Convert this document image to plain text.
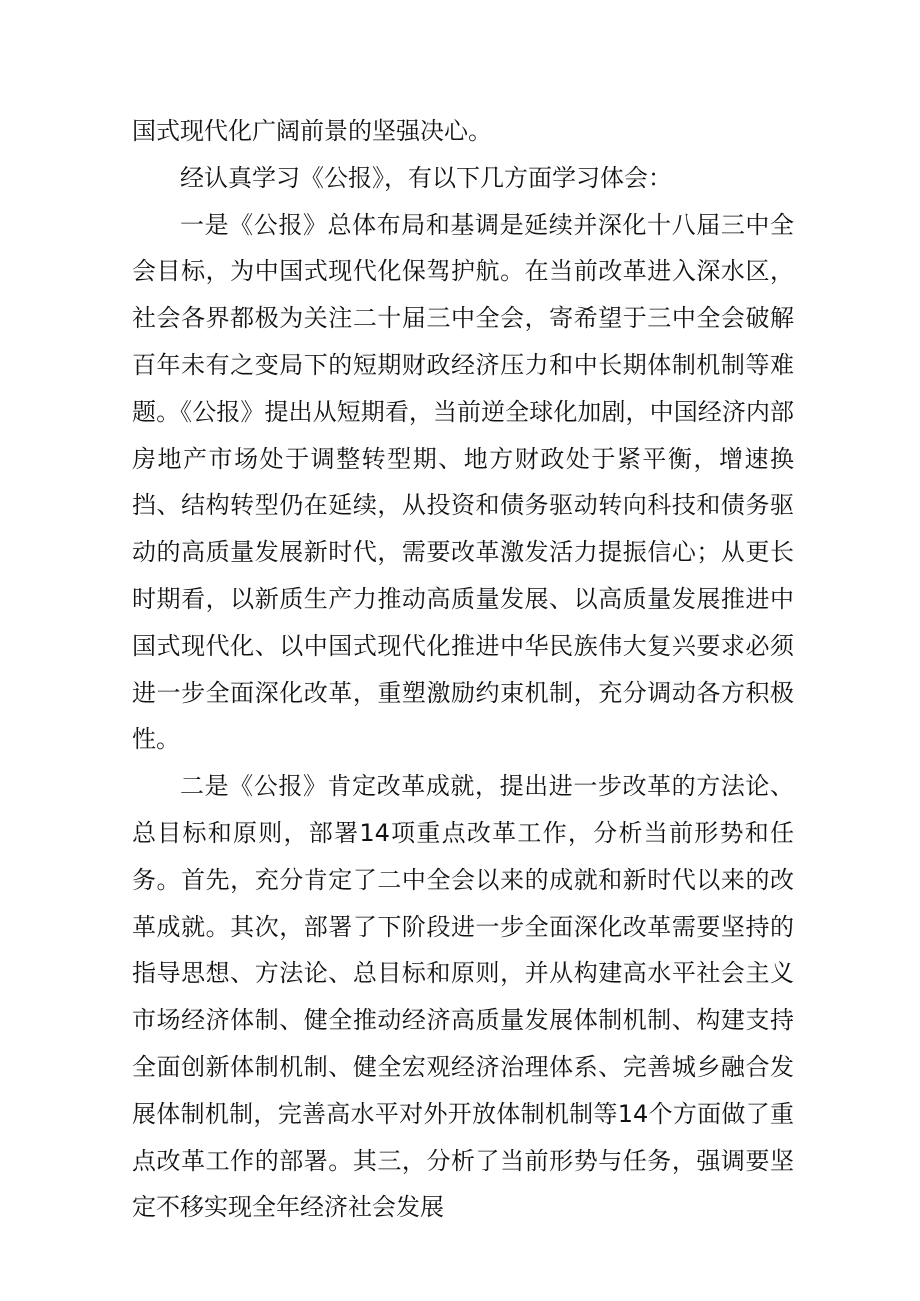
国式现代化广阔前景的坚强决心。

经认真学习《公报》，有以下几方面学习体会：

一是《公报》总体布局和基调是延续并深化十八届三中全会目标，为中国式现代化保驾护航。在当前改革进入深水区，社会各界都极为关注二十届三中全会，寄希望于三中全会破解百年未有之变局下的短期财政经济压力和中长期体制机制等难题。《公报》提出从短期看，当前逆全球化加剧，中国经济内部房地产市场处于调整转型期、地方财政处于紧平衡，增速换挡、结构转型仍在延续，从投资和债务驱动转向科技和债务驱动的高质量发展新时代，需要改革激发活力提振信心；从更长时期看，以新质生产力推动高质量发展、以高质量发展推进中国式现代化、以中国式现代化推进中华民族伟大复兴要求必须进一步全面深化改革，重塑激励约束机制，充分调动各方积极性。

二是《公报》肯定改革成就，提出进一步改革的方法论、总目标和原则，部署14项重点改革工作，分析当前形势和任务。首先，充分肯定了二中全会以来的成就和新时代以来的改革成就。其次，部署了下阶段进一步全面深化改革需要坚持的指导思想、方法论、总目标和原则，并从构建高水平社会主义市场经济体制、健全推动经济高质量发展体制机制、构建支持全面创新体制机制、健全宏观经济治理体系、完善城乡融合发展体制机制，完善高水平对外开放体制机制等14个方面做了重点改革工作的部署。其三，分析了当前形势与任务，强调要坚定不移实现全年经济社会发展
